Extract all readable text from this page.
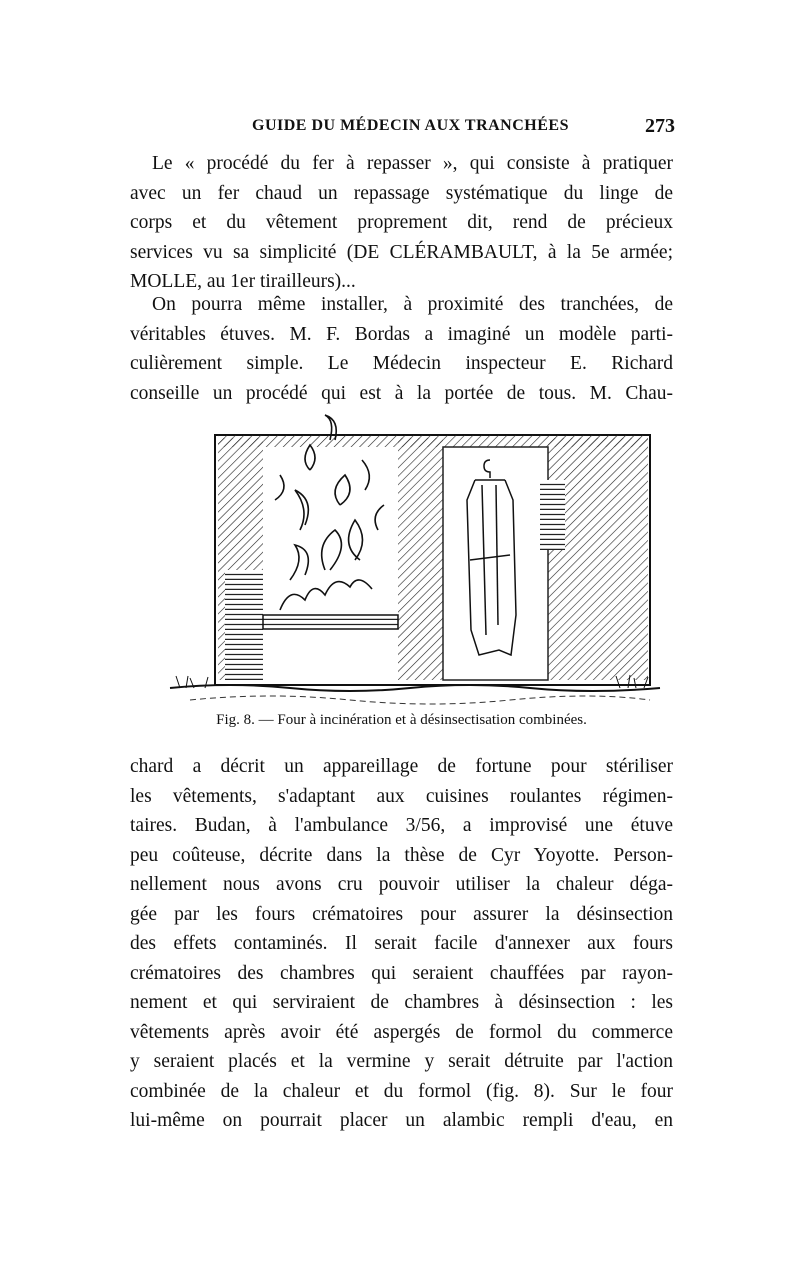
GUIDE DU MÉDECIN AUX TRANCHÉES	273
Le « procédé du fer à repasser », qui consiste à pratiquer
avec un fer chaud un repassage systématique du linge de
corps et du vêtement proprement dit, rend de précieux
services vu sa simplicité (DE CLÉRAMBAULT, à la 5e armée;
MOLLE, au 1er tirailleurs)...
On pourra même installer, à proximité des tranchées, de
véritables étuves. M. F. Bordas a imaginé un modèle parti-
culièrement simple. Le Médecin inspecteur E. Richard
conseille un procédé qui est à la portée de tous. M. Chau-
Fig. 8. — Four à incinération et à désinsectisation combinées.
chard a décrit un appareillage de fortune pour stériliser
les vêtements, s'adaptant aux cuisines roulantes régimen-
taires. Budan, à l'ambulance 3/56, a improvisé une étuve
peu coûteuse, décrite dans la thèse de Cyr Yoyotte. Person-
nellement nous avons cru pouvoir utiliser la chaleur déga-
gée par les fours crématoires pour assurer la désinsection
des effets contaminés. Il serait facile d'annexer aux fours
crématoires des chambres qui seraient chauffées par rayon-
nement et qui serviraient de chambres à désinsection : les
vêtements après avoir été aspergés de formol du commerce
y seraient placés et la vermine y serait détruite par l'action
combinée de la chaleur et du formol (fig. 8). Sur le four
lui-même on pourrait placer un alambic rempli d'eau, en
